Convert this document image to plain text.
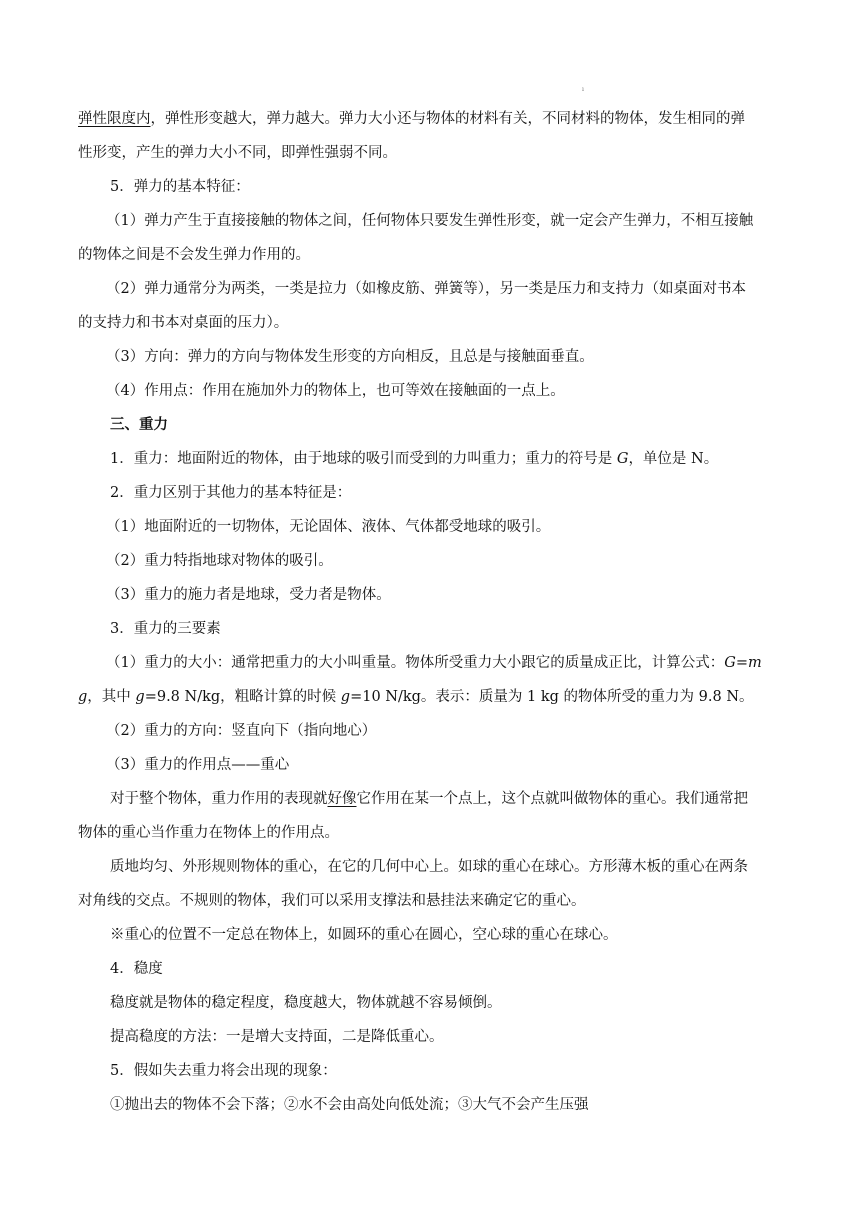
ı

弹性限度内，弹性形变越大，弹力越大。弹力大小还与物体的材料有关，不同材料的物体，发生相同的弹

性形变，产生的弹力大小不同，即弹性强弱不同。

5．弹力的基本特征：

（1）弹力产生于直接接触的物体之间，任何物体只要发生弹性形变，就一定会产生弹力，不相互接触

的物体之间是不会发生弹力作用的。

（2）弹力通常分为两类，一类是拉力（如橡皮筋、弹簧等），另一类是压力和支持力（如桌面对书本

的支持力和书本对桌面的压力）。

（3）方向：弹力的方向与物体发生形变的方向相反，且总是与接触面垂直。

（4）作用点：作用在施加外力的物体上，也可等效在接触面的一点上。

三、重力

1．重力：地面附近的物体，由于地球的吸引而受到的力叫重力；重力的符号是 G，单位是 N。

2．重力区别于其他力的基本特征是：

（1）地面附近的一切物体，无论固体、液体、气体都受地球的吸引。

（2）重力特指地球对物体的吸引。

（3）重力的施力者是地球，受力者是物体。

3．重力的三要素

（1）重力的大小：通常把重力的大小叫重量。物体所受重力大小跟它的质量成正比，计算公式：G=m

g，其中 g=9.8 N/kg，粗略计算的时候 g=10 N/kg。表示：质量为 1 kg 的物体所受的重力为 9.8 N。

（2）重力的方向：竖直向下（指向地心）

（3）重力的作用点——重心

对于整个物体，重力作用的表现就好像它作用在某一个点上，这个点就叫做物体的重心。我们通常把

物体的重心当作重力在物体上的作用点。

质地均匀、外形规则物体的重心，在它的几何中心上。如球的重心在球心。方形薄木板的重心在两条

对角线的交点。不规则的物体，我们可以采用支撑法和悬挂法来确定它的重心。

※重心的位置不一定总在物体上，如圆环的重心在圆心，空心球的重心在球心。

4．稳度

稳度就是物体的稳定程度，稳度越大，物体就越不容易倾倒。

提高稳度的方法：一是增大支持面，二是降低重心。

5．假如失去重力将会出现的现象：

①抛出去的物体不会下落；②水不会由高处向低处流；③大气不会产生压强
